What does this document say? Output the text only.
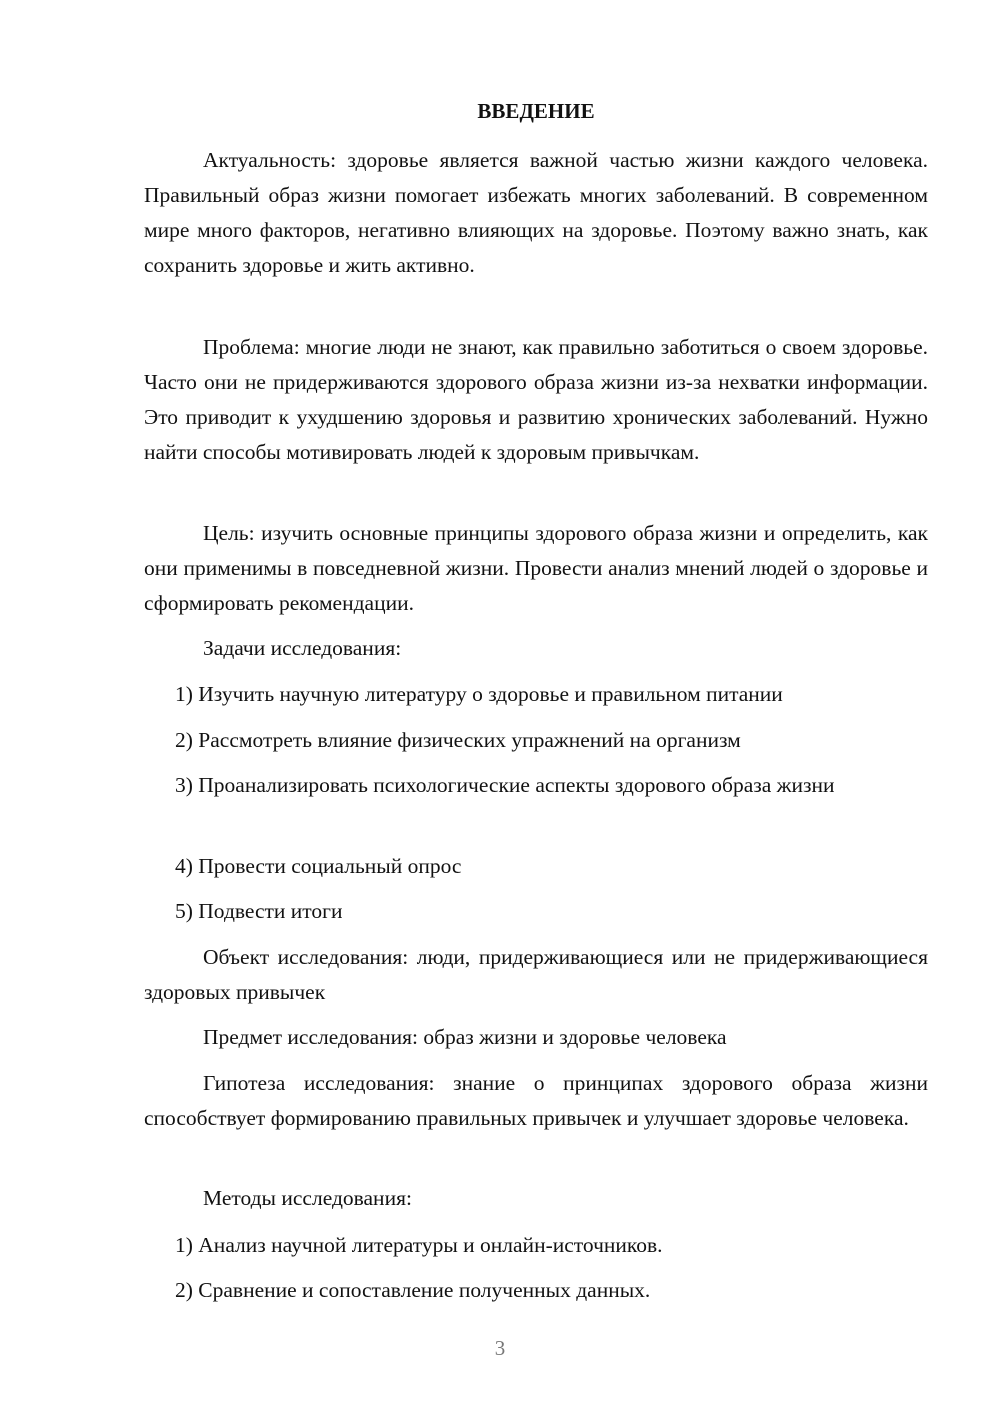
ВВЕДЕНИЕ

Актуальность: здоровье является важной частью жизни каждого человека. Правильный образ жизни помогает избежать многих заболеваний. В современном мире много факторов, негативно влияющих на здоровье. Поэтому важно знать, как сохранить здоровье и жить активно.

Проблема: многие люди не знают, как правильно заботиться о своем здоровье. Часто они не придерживаются здорового образа жизни из-за нехватки информации. Это приводит к ухудшению здоровья и развитию хронических заболеваний. Нужно найти способы мотивировать людей к здоровым привычкам.

Цель: изучить основные принципы здорового образа жизни и определить, как они применимы в повседневной жизни. Провести анализ мнений людей о здоровье и сформировать рекомендации.

Задачи исследования:

1) Изучить научную литературу о здоровье и правильном питании

2) Рассмотреть влияние физических упражнений на организм

3) Проанализировать психологические аспекты здорового образа жизни

4) Провести социальный опрос

5) Подвести итоги

Объект исследования: люди, придерживающиеся или не придерживающиеся здоровых привычек

Предмет исследования: образ жизни и здоровье человека

Гипотеза исследования: знание о принципах здорового образа жизни способствует формированию правильных привычек и улучшает здоровье человека.

Методы исследования:

1) Анализ научной литературы и онлайн-источников.

2) Сравнение и сопоставление полученных данных.

3
